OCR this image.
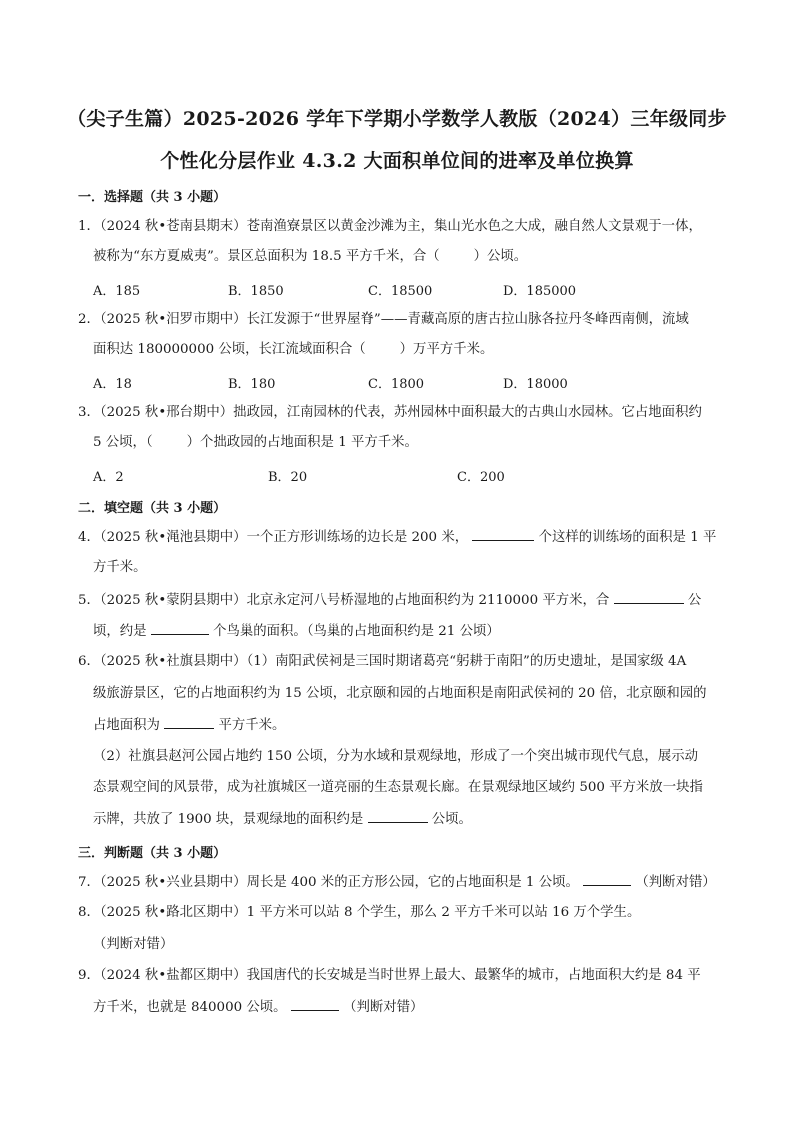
（尖子生篇）2025-2026 学年下学期小学数学人教版（2024）三年级同步
个性化分层作业 4.3.2 大面积单位间的进率及单位换算
一．选择题（共 3 小题）
1．（2024 秋•苍南县期末）苍南渔寮景区以黄金沙滩为主，集山光水色之大成，融自然人文景观于一体，
被称为“东方夏威夷”。景区总面积为 18.5 平方千米，合（	）公顷。
A．185	B．1850	C．18500	D．185000
2．（2025 秋•汨罗市期中）长江发源于“世界屋脊”——青藏高原的唐古拉山脉各拉丹冬峰西南侧，流域
面积达 180000000 公顷，长江流域面积合（	）万平方千米。
A．18	B．180	C．1800	D．18000
3．（2025 秋•邢台期中）拙政园，江南园林的代表，苏州园林中面积最大的古典山水园林。它占地面积约
5 公顷，（	）个拙政园的占地面积是 1 平方千米。
A．2	B．20	C．200
二．填空题（共 3 小题）
4．（2025 秋•渑池县期中）一个正方形训练场的边长是 200 米，	个这样的训练场的面积是 1 平
方千米。
5．（2025 秋•蒙阴县期中）北京永定河八号桥湿地的占地面积约为 2110000 平方米，合	公
顷，约是	个鸟巢的面积。（鸟巢的占地面积约是 21 公顷）
6．（2025 秋•社旗县期中）（1）南阳武侯祠是三国时期诸葛亮“躬耕于南阳”的历史遗址，是国家级 4A
级旅游景区，它的占地面积约为 15 公顷，北京颐和园的占地面积是南阳武侯祠的 20 倍，北京颐和园的
占地面积为	平方千米。
（2）社旗县赵河公园占地约 150 公顷，分为水域和景观绿地，形成了一个突出城市现代气息，展示动
态景观空间的风景带，成为社旗城区一道亮丽的生态景观长廊。在景观绿地区域约 500 平方米放一块指
示牌，共放了 1900 块，景观绿地的面积约是	公顷。
三．判断题（共 3 小题）
7．（2025 秋•兴业县期中）周长是 400 米的正方形公园，它的占地面积是 1 公顷。	（判断对错）
8．（2025 秋•路北区期中）1 平方米可以站 8 个学生，那么 2 平方千米可以站 16 万个学生。
（判断对错）
9．（2024 秋•盐都区期中）我国唐代的长安城是当时世界上最大、最繁华的城市，占地面积大约是 84 平
方千米，也就是 840000 公顷。	（判断对错）
